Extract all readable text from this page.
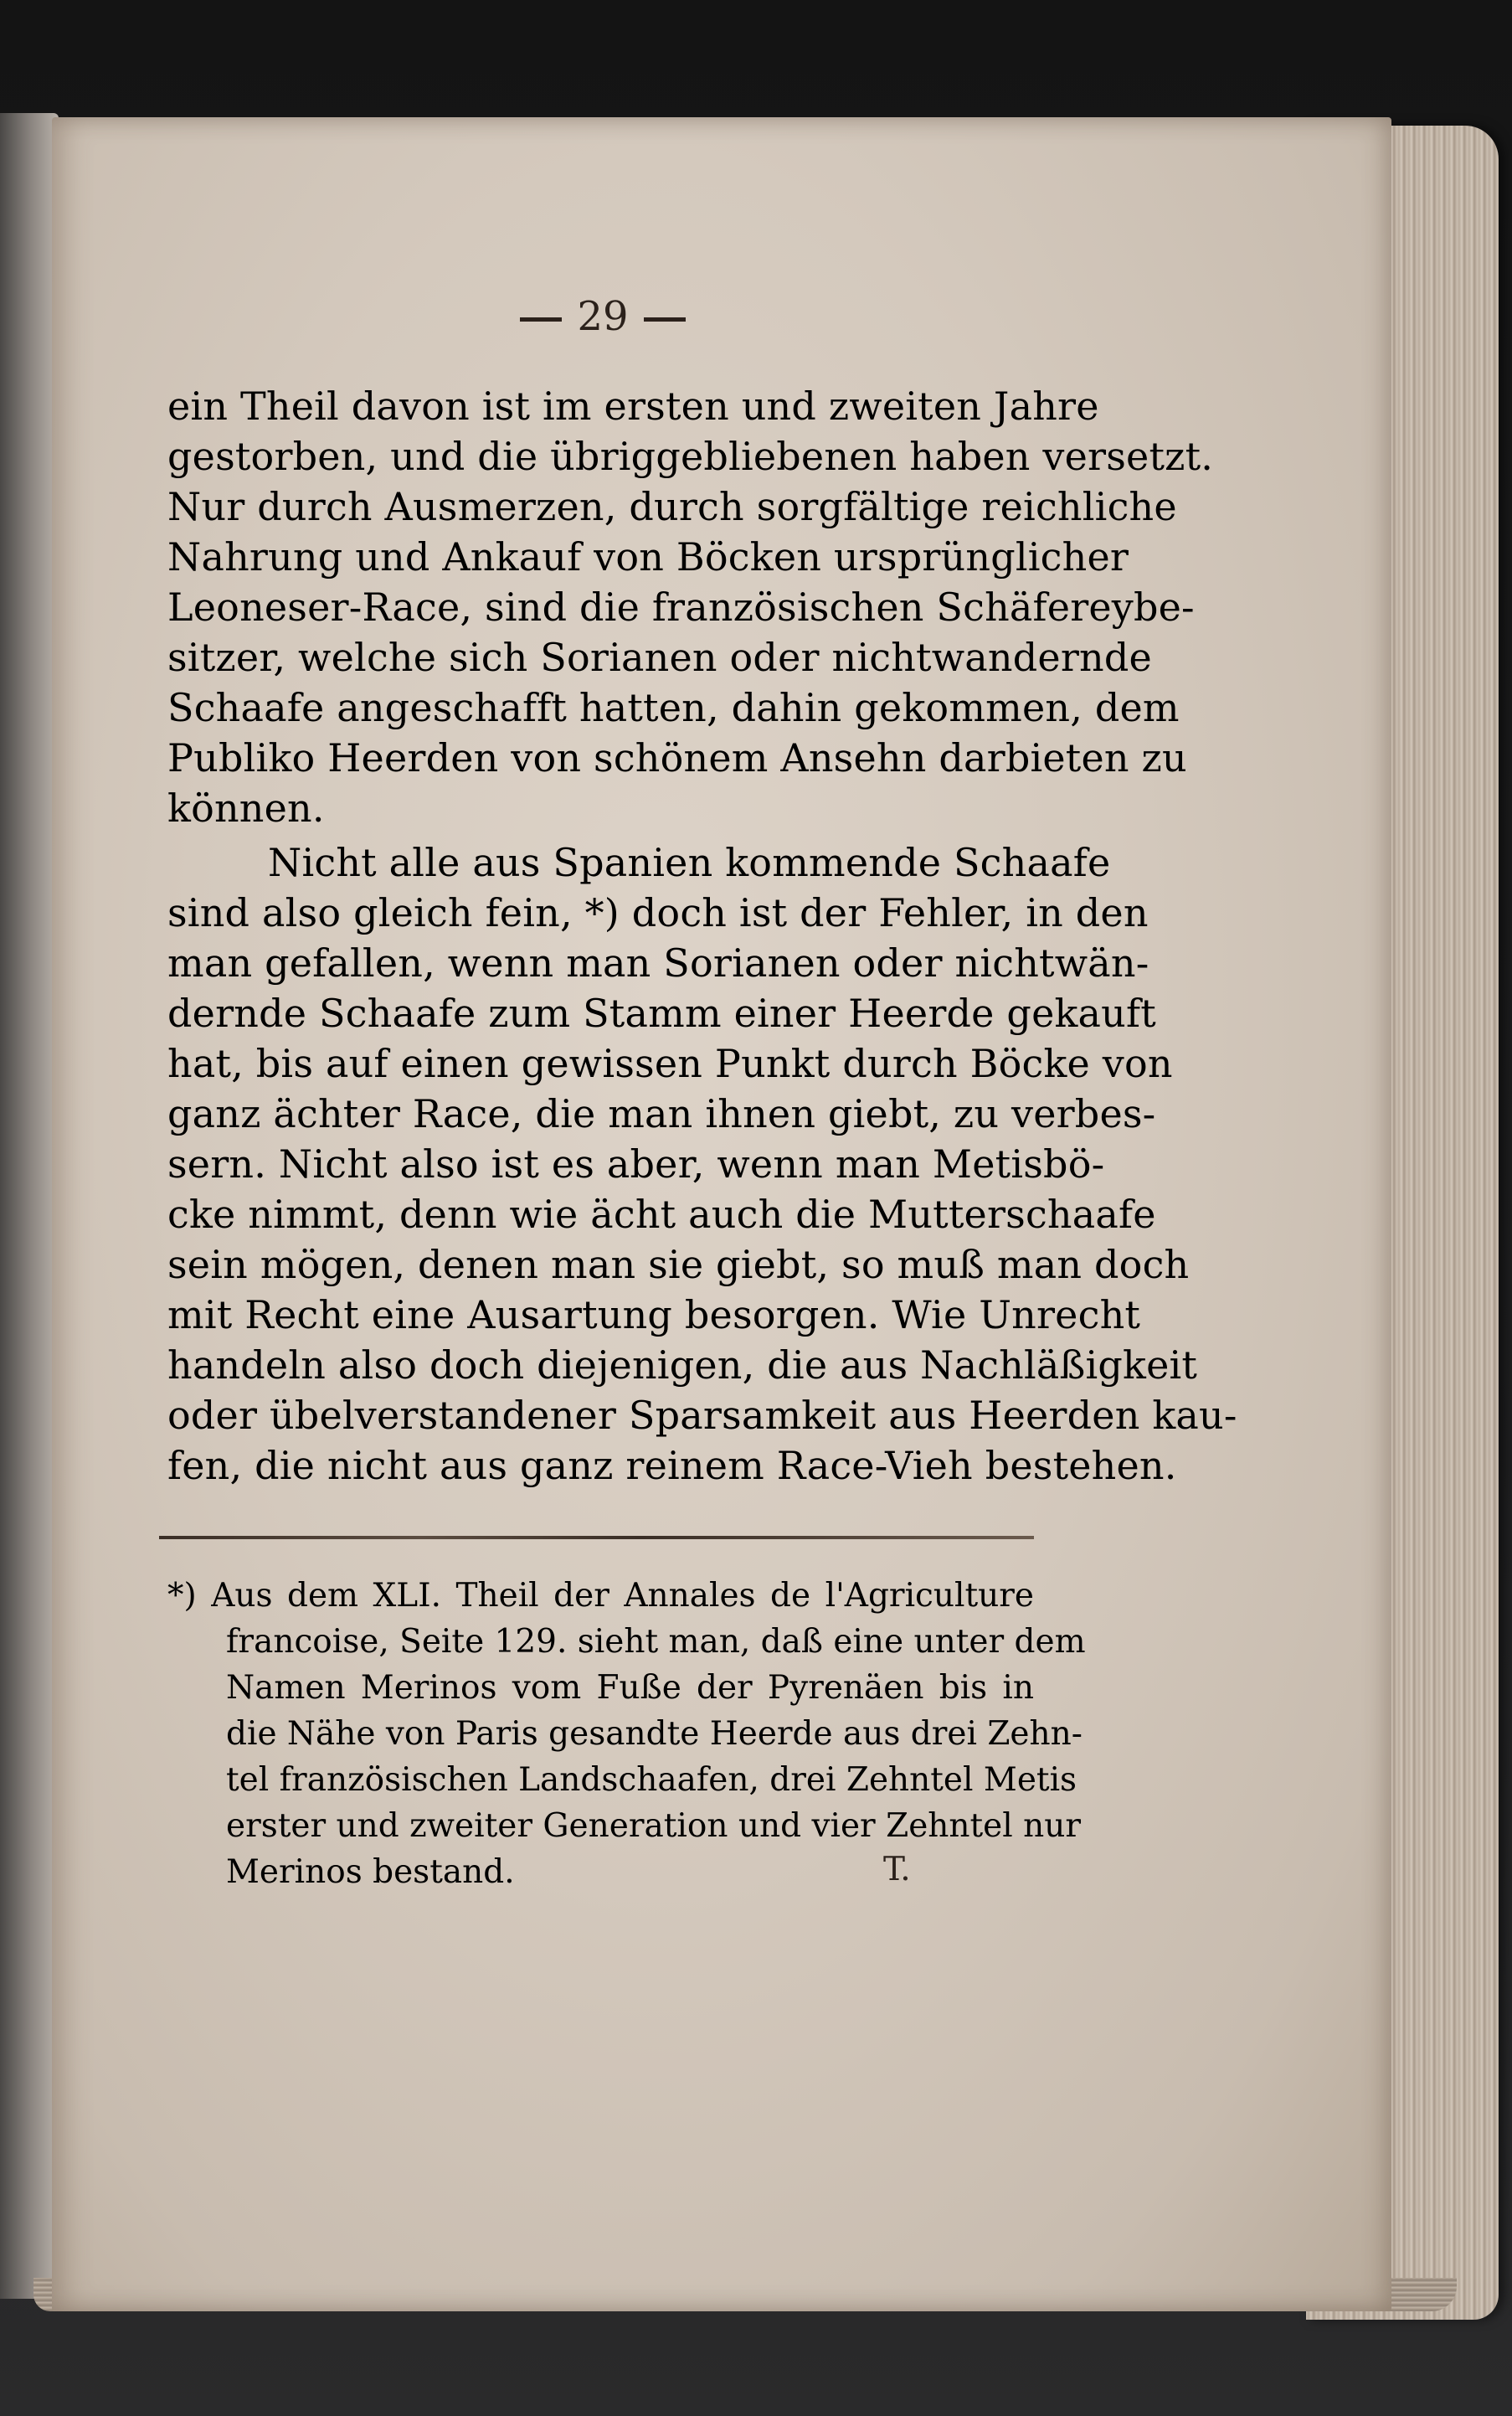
29
ein Theil davon ist im ersten und zweiten Jahre
gestorben, und die übriggebliebenen haben versetzt.
Nur durch Ausmerzen, durch sorgfältige reichliche
Nahrung und Ankauf von Böcken ursprünglicher
Leoneser-Race, sind die französischen Schäfereybe-
sitzer, welche sich Sorianen oder nichtwandernde
Schaafe angeschafft hatten, dahin gekommen, dem
Publiko Heerden von schönem Ansehn darbieten zu
können.
Nicht alle aus Spanien kommende Schaafe
sind also gleich fein, *) doch ist der Fehler, in den
man gefallen, wenn man Sorianen oder nichtwän-
dernde Schaafe zum Stamm einer Heerde gekauft
hat, bis auf einen gewissen Punkt durch Böcke von
ganz ächter Race, die man ihnen giebt, zu verbes-
sern. Nicht also ist es aber, wenn man Metisbö-
cke nimmt, denn wie ächt auch die Mutterschaafe
sein mögen, denen man sie giebt, so muß man doch
mit Recht eine Ausartung besorgen. Wie Unrecht
handeln also doch diejenigen, die aus Nachläßigkeit
oder übelverstandener Sparsamkeit aus Heerden kau-
fen, die nicht aus ganz reinem Race-Vieh bestehen.
*) Aus dem XLI. Theil der Annales de l'Agriculture
francoise, Seite 129. sieht man, daß eine unter dem
Namen Merinos vom Fuße der Pyrenäen bis in
die Nähe von Paris gesandte Heerde aus drei Zehn-
tel französischen Landschaafen, drei Zehntel Metis
erster und zweiter Generation und vier Zehntel nur
Merinos bestand.	T.
